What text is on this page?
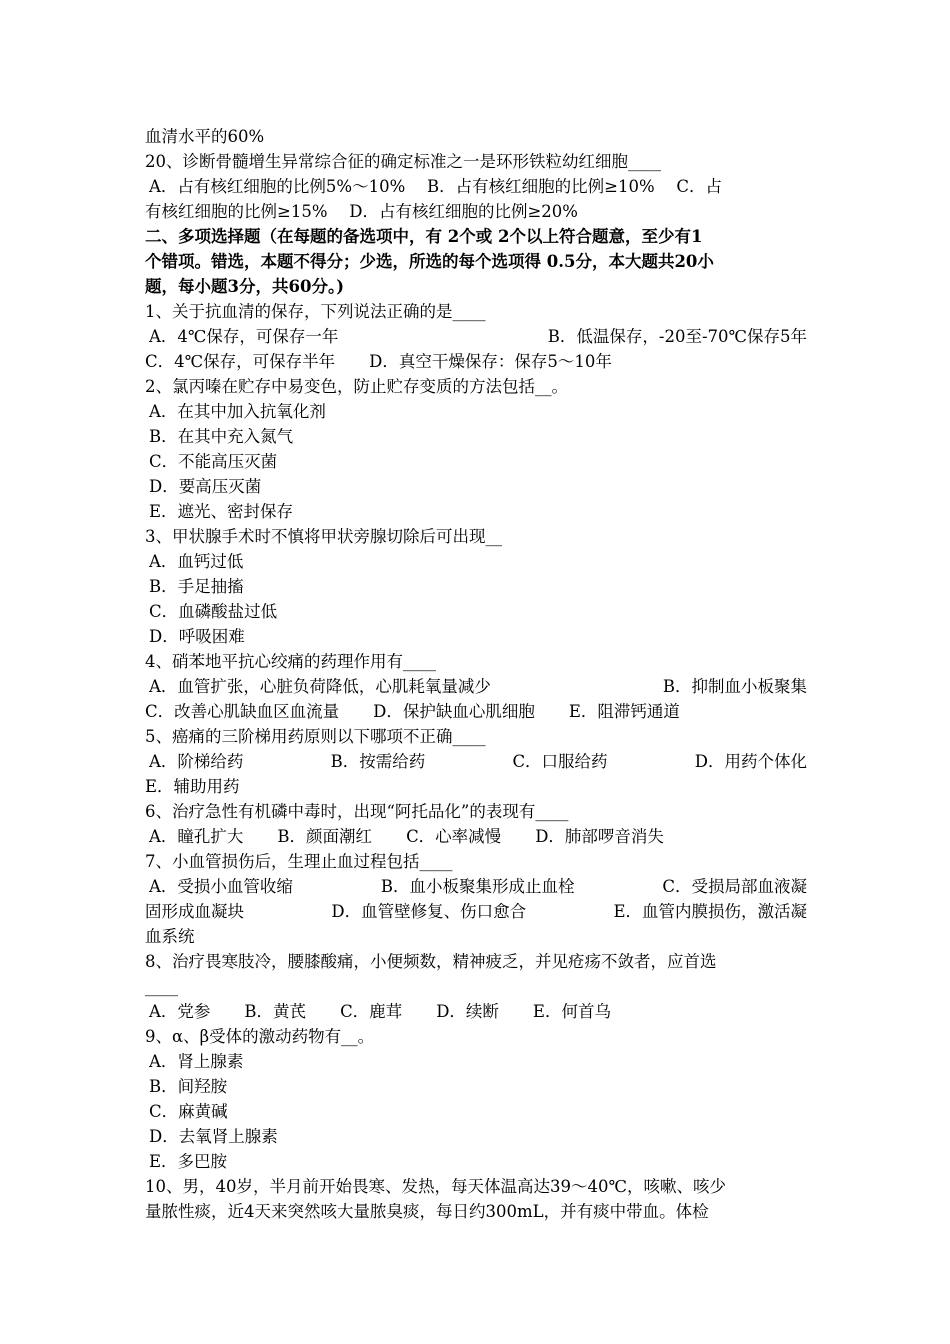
血清水平的60%
20、诊断骨髓增生异常综合征的确定标准之一是环形铁粒幼红细胞____
A．占有核红细胞的比例5%～10%　 B．占有核红细胞的比例≥10%　 C．占
有核红细胞的比例≥15%　 D．占有核红细胞的比例≥20%
二、多项选择题（在每题的备选项中，有 2个或 2个以上符合题意，至少有1
个错项。错选，本题不得分；少选，所选的每个选项得 0.5分，本大题共20小
题，每小题3分，共60分。)
1、关于抗血清的保存，下列说法正确的是____
A．4℃保存，可保存一年	B．低温保存，-20至-70℃保存5年
C．4℃保存，可保存半年 D．真空干燥保存：保存5～10年
2、氯丙嗪在贮存中易变色，防止贮存变质的方法包括__。
A．在其中加入抗氧化剂
B．在其中充入氮气
C．不能高压灭菌
D．要高压灭菌
E．遮光、密封保存
3、甲状腺手术时不慎将甲状旁腺切除后可出现__
A．血钙过低
B．手足抽搐
C．血磷酸盐过低
D．呼吸困难
4、硝苯地平抗心绞痛的药理作用有____
A．血管扩张，心脏负荷降低，心肌耗氧量减少	B．抑制血小板聚集
C．改善心肌缺血区血流量 D．保护缺血心肌细胞 E．阻滞钙通道
5、癌痛的三阶梯用药原则以下哪项不正确____
A．阶梯给药	B．按需给药	C．口服给药	D．用药个体化
E．辅助用药
6、治疗急性有机磷中毒时，出现“阿托品化”的表现有____
A．瞳孔扩大 B．颜面潮红 C．心率减慢 D．肺部啰音消失
7、小血管损伤后，生理止血过程包括____
A．受损小血管收缩	B．血小板聚集形成止血栓	C．受损局部血液凝
固形成血凝块	D．血管壁修复、伤口愈合	E．血管内膜损伤，激活凝
血系统
8、治疗畏寒肢冷，腰膝酸痛，小便频数，精神疲乏，并见疮疡不敛者，应首选
____
A．党参 B．黄芪 C．鹿茸 D．续断 E．何首乌
9、α、β受体的激动药物有__。
A．肾上腺素
B．间羟胺
C．麻黄碱
D．去氧肾上腺素
E．多巴胺
10、男，40岁，半月前开始畏寒、发热，每天体温高达39～40℃，咳嗽、咳少
量脓性痰，近4天来突然咳大量脓臭痰，每日约300mL，并有痰中带血。体检
